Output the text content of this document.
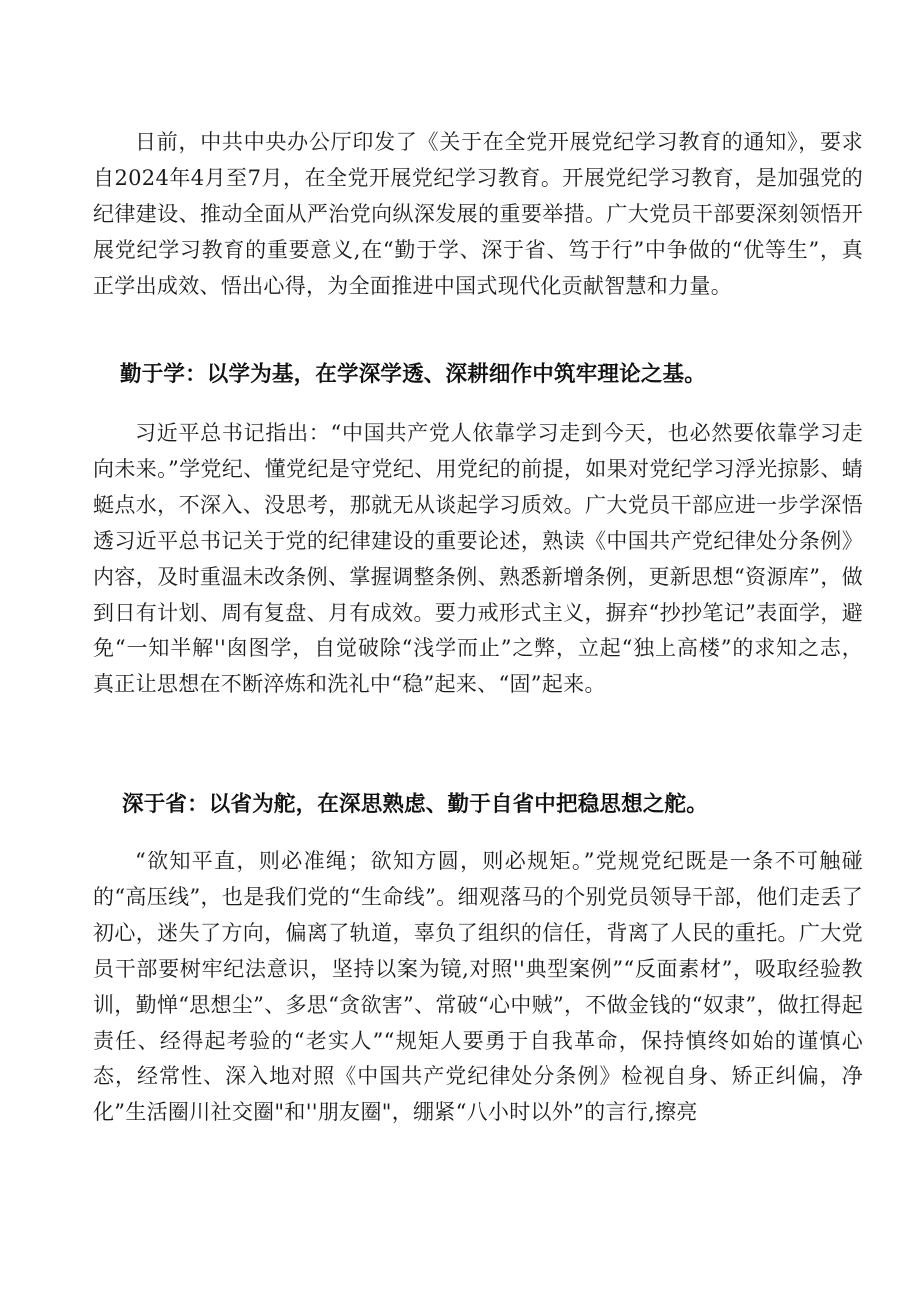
日前，中共中央办公厅印发了《关于在全党开展党纪学习教育的通知》，要求自2024年4月至7月，在全党开展党纪学习教育。开展党纪学习教育，是加强党的纪律建设、推动全面从严治党向纵深发展的重要举措。广大党员干部要深刻领悟开展党纪学习教育的重要意义,在“勤于学、深于省、笃于行”中争做的“优等生”，真正学出成效、悟出心得，为全面推进中国式现代化贡献智慧和力量。

勤于学：以学为基，在学深学透、深耕细作中筑牢理论之基。

习近平总书记指出：“中国共产党人依靠学习走到今天，也必然要依靠学习走向未来。”学党纪、懂党纪是守党纪、用党纪的前提，如果对党纪学习浮光掠影、蜻蜓点水，不深入、没思考，那就无从谈起学习质效。广大党员干部应进一步学深悟透习近平总书记关于党的纪律建设的重要论述，熟读《中国共产党纪律处分条例》内容，及时重温未改条例、掌握调整条例、熟悉新增条例，更新思想“资源库”，做到日有计划、周有复盘、月有成效。要力戒形式主义，摒弃“抄抄笔记”表面学，避免“一知半解''囱图学，自觉破除“浅学而止”之弊，立起“独上高楼”的求知之志，真正让思想在不断淬炼和洗礼中“稳”起来、“固”起来。

深于省：以省为舵，在深思熟虑、勤于自省中把稳思想之舵。

“欲知平直，则必准绳；欲知方圆，则必规矩。”党规党纪既是一条不可触碰的“高压线”，也是我们党的“生命线”。细观落马的个别党员领导干部，他们走丢了初心，迷失了方向，偏离了轨道，辜负了组织的信任，背离了人民的重托。广大党员干部要树牢纪法意识，坚持以案为镜,对照''典型案例”“反面素材”，吸取经验教训，勤惮“思想尘”、多思“贪欲害”、常破“心中贼”，不做金钱的“奴隶”，做扛得起责任、经得起考验的“老实人”“规矩人要勇于自我革命，保持慎终如始的谨慎心态，经常性、深入地对照《中国共产党纪律处分条例》检视自身、矫正纠偏，净化”生活圈川社交圈"和''朋友圈"，绷紧“八小时以外”的言行,擦亮
